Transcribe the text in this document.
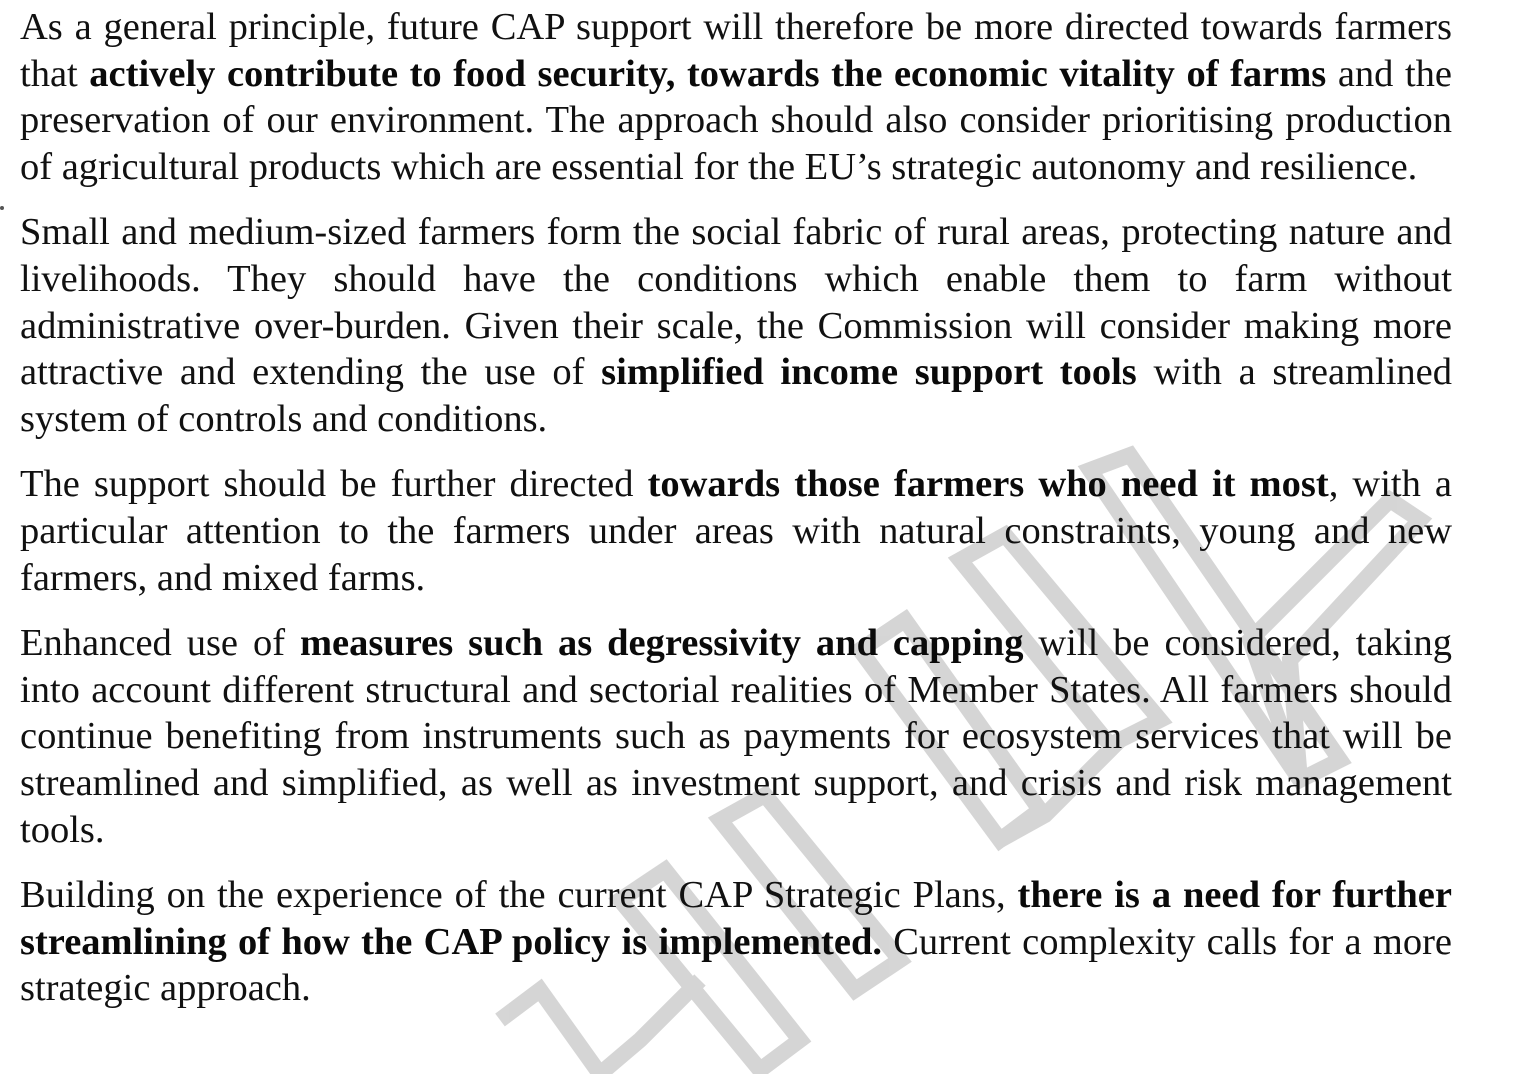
As a general principle, future CAP support will therefore be more directed towards farmers that actively contribute to food security, towards the economic vitality of farms and the preservation of our environment. The approach should also consider prioritising production of agricultural products which are essential for the EU’s strategic autonomy and resilience.

Small and medium-sized farmers form the social fabric of rural areas, protecting nature and livelihoods. They should have the conditions which enable them to farm without administrative over-burden. Given their scale, the Commission will consider making more attractive and extending the use of simplified income support tools with a streamlined system of controls and conditions.

The support should be further directed towards those farmers who need it most, with a particular attention to the farmers under areas with natural constraints, young and new farmers, and mixed farms.

Enhanced use of measures such as degressivity and capping will be considered, taking into account different structural and sectorial realities of Member States. All farmers should continue benefiting from instruments such as payments for ecosystem services that will be streamlined and simplified, as well as investment support, and crisis and risk management tools.

Building on the experience of the current CAP Strategic Plans, there is a need for further streamlining of how the CAP policy is implemented. Current complexity calls for a more strategic approach.
